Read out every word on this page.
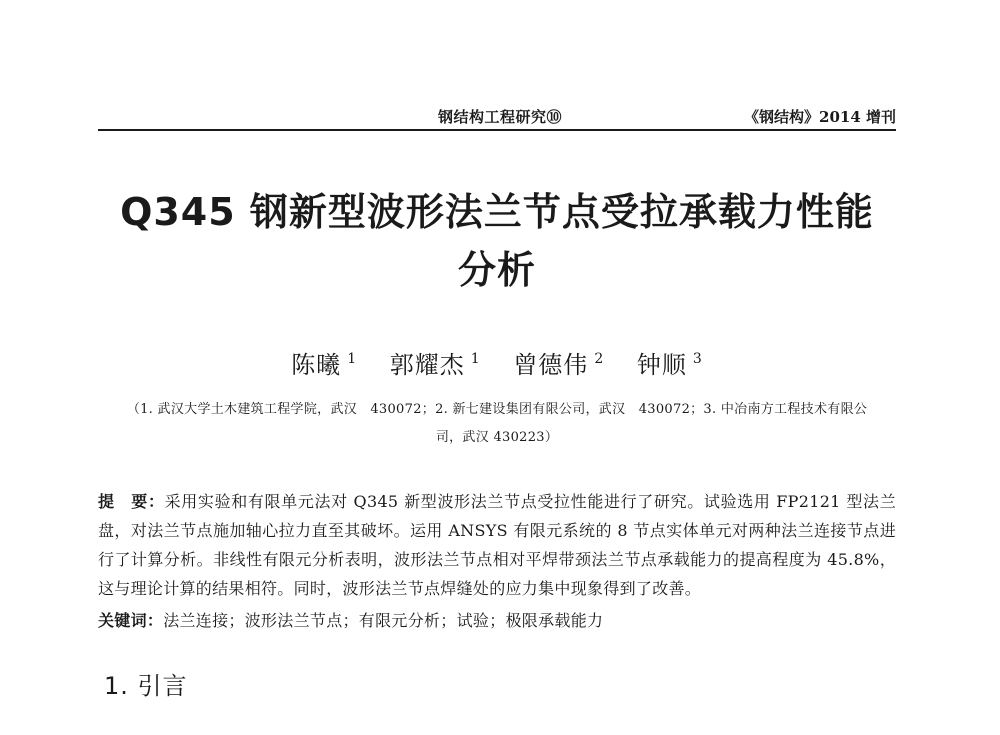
钢结构工程研究⑩	《钢结构》2014 增刊
Q345 钢新型波形法兰节点受拉承载力性能
分析
陈曦 $^1$ 郭耀杰 $^1$ 曾德伟 $^2$ 钟顺 $^3$
（1. 武汉大学土木建筑工程学院，武汉　430072；2. 新七建设集团有限公司，武汉　430072；3. 中冶南方工程技术有限公
司，武汉 430223）
提　要：采用实验和有限单元法对 Q345 新型波形法兰节点受拉性能进行了研究。试验选用 FP2121 型法兰盘，对法兰节点施加轴心拉力直至其破坏。运用 ANSYS 有限元系统的 8 节点实体单元对两种法兰连接节点进行了计算分析。非线性有限元分析表明，波形法兰节点相对平焊带颈法兰节点承载能力的提高程度为 45.8%，这与理论计算的结果相符。同时，波形法兰节点焊缝处的应力集中现象得到了改善。
关键词：法兰连接；波形法兰节点；有限元分析；试验；极限承载能力
1. 引言
